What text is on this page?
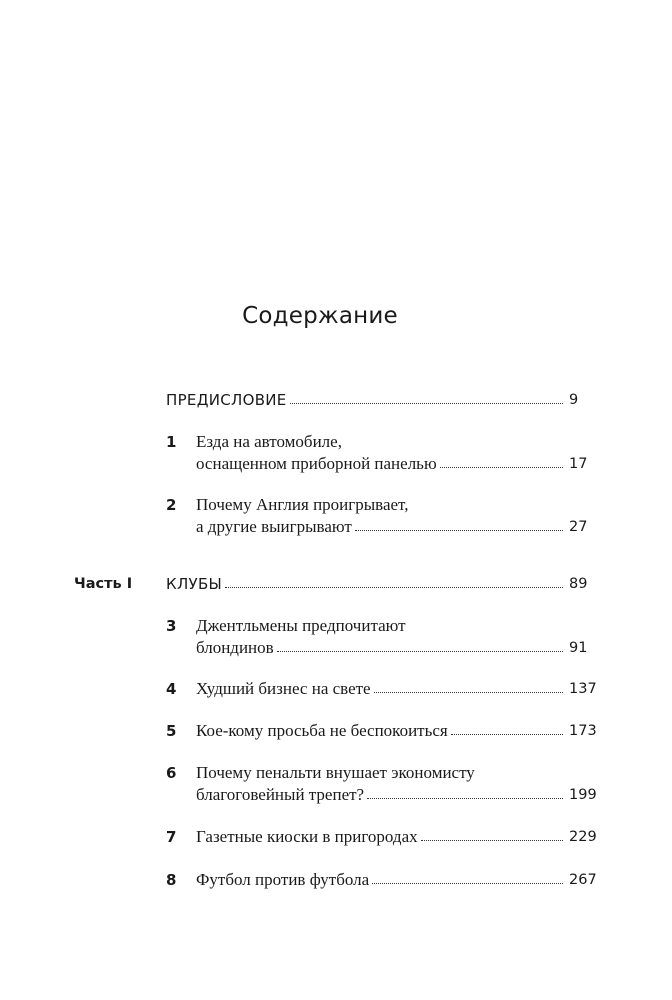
Содержание
ПРЕДИСЛОВИЕ	9
1 Езда на автомобиле,
оснащенном приборной панелью	17
2 Почему Англия проигрывает,
а другие выигрывают	27
Часть I КЛУБЫ	89
3 Джентльмены предпочитают
блондинов	91
4 Худший бизнес на свете	137
5 Кое-кому просьба не беспокоиться	173
6 Почему пенальти внушает экономисту
благоговейный трепет?	199
7 Газетные киоски в пригородах	229
8 Футбол против футбола	267
